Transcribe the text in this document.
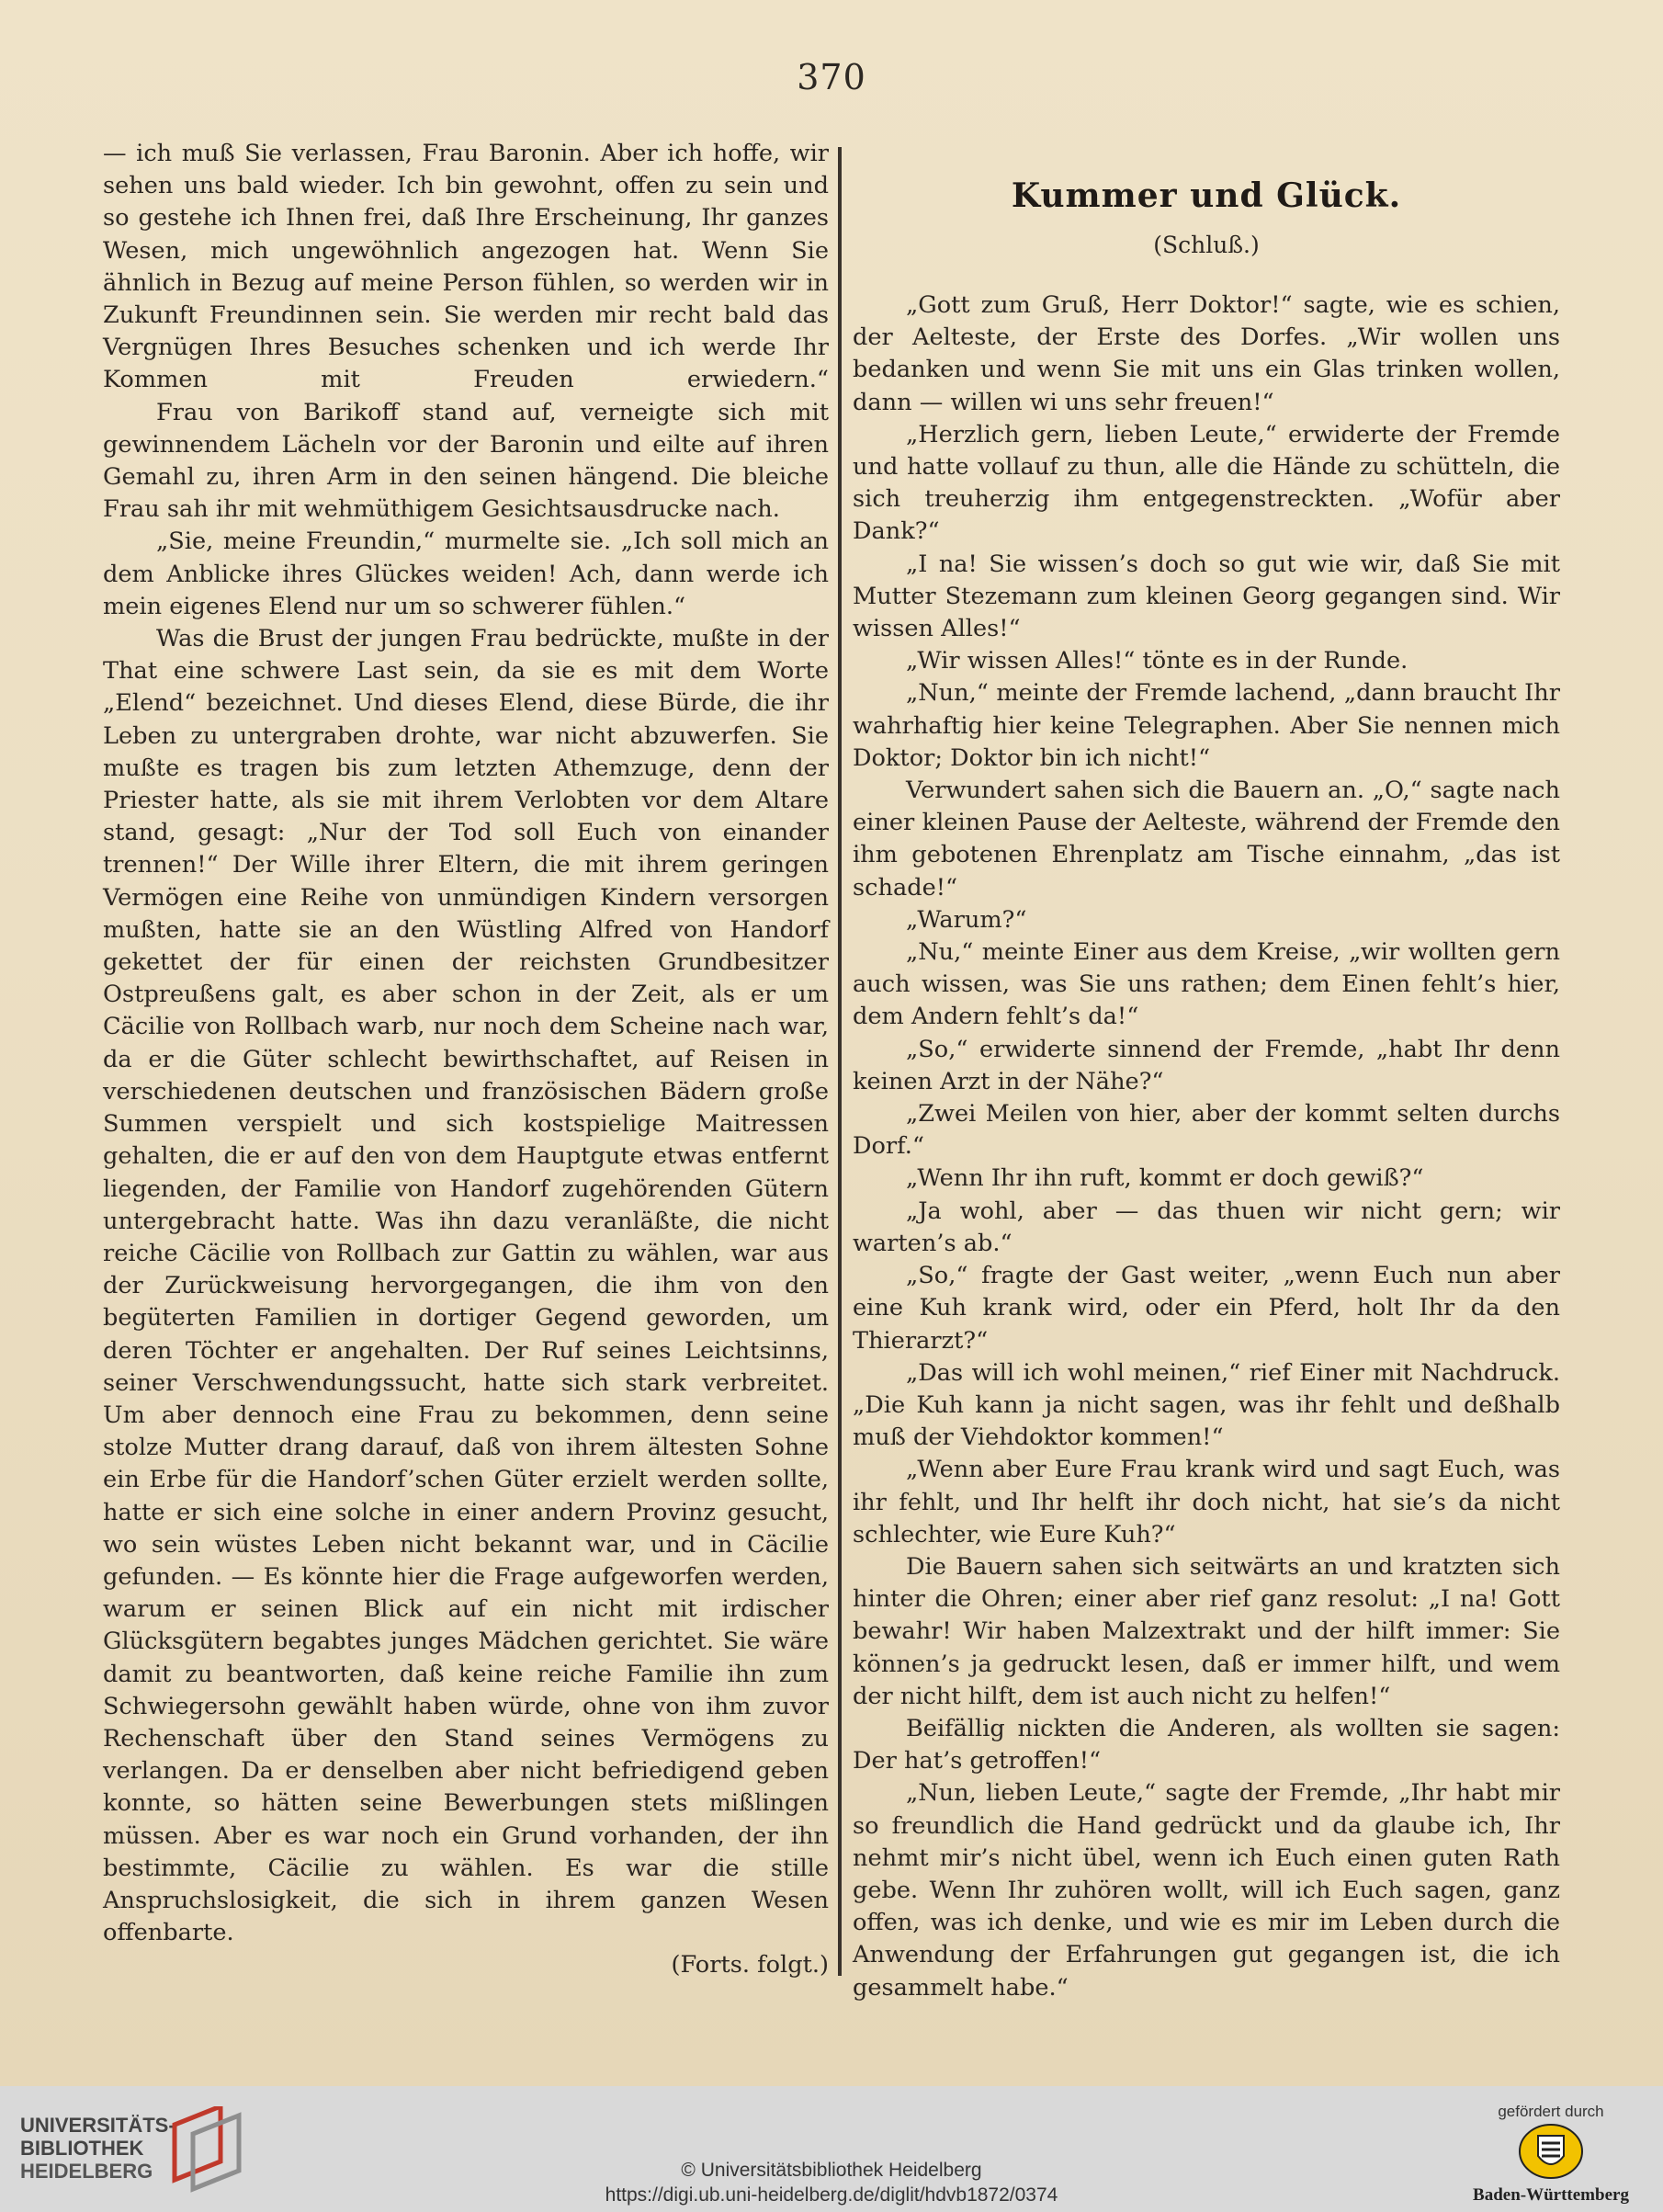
370

— ich muß Sie verlassen, Frau Baronin. Aber ich hoffe, wir sehen uns bald wieder. Ich bin gewohnt, offen zu sein und so gestehe ich Ihnen frei, daß Ihre Erscheinung, Ihr ganzes Wesen, mich ungewöhnlich angezogen hat. Wenn Sie ähnlich in Bezug auf meine Person fühlen, so werden wir in Zukunft Freundinnen sein. Sie werden mir recht bald das Vergnügen Ihres Besuches schenken und ich werde Ihr Kommen mit Freuden erwiedern.“

Frau von Barikoff stand auf, verneigte sich mit gewinnendem Lächeln vor der Baronin und eilte auf ihren Gemahl zu, ihren Arm in den seinen hängend. Die bleiche Frau sah ihr mit wehmüthigem Gesichtsausdrucke nach.

„Sie, meine Freundin,“ murmelte sie. „Ich soll mich an dem Anblicke ihres Glückes weiden! Ach, dann werde ich mein eigenes Elend nur um so schwerer fühlen.“

Was die Brust der jungen Frau bedrückte, mußte in der That eine schwere Last sein, da sie es mit dem Worte „Elend“ bezeichnet. Und dieses Elend, diese Bürde, die ihr Leben zu untergraben drohte, war nicht abzuwerfen. Sie mußte es tragen bis zum letzten Athemzuge, denn der Priester hatte, als sie mit ihrem Verlobten vor dem Altare stand, gesagt: „Nur der Tod soll Euch von einander trennen!“ Der Wille ihrer Eltern, die mit ihrem geringen Vermögen eine Reihe von unmündigen Kindern versorgen mußten, hatte sie an den Wüstling Alfred von Handorf gekettet der für einen der reichsten Grundbesitzer Ostpreußens galt, es aber schon in der Zeit, als er um Cäcilie von Rollbach warb, nur noch dem Scheine nach war, da er die Güter schlecht bewirthschaftet, auf Reisen in verschiedenen deutschen und französischen Bädern große Summen verspielt und sich kostspielige Maitressen gehalten, die er auf den von dem Hauptgute etwas entfernt liegenden, der Familie von Handorf zugehörenden Gütern untergebracht hatte. Was ihn dazu veranläßte, die nicht reiche Cäcilie von Rollbach zur Gattin zu wählen, war aus der Zurückweisung hervorgegangen, die ihm von den begüterten Familien in dortiger Gegend geworden, um deren Töchter er angehalten. Der Ruf seines Leichtsinns, seiner Verschwendungssucht, hatte sich stark verbreitet. Um aber dennoch eine Frau zu bekommen, denn seine stolze Mutter drang darauf, daß von ihrem ältesten Sohne ein Erbe für die Handorf’schen Güter erzielt werden sollte, hatte er sich eine solche in einer andern Provinz gesucht, wo sein wüstes Leben nicht bekannt war, und in Cäcilie gefunden. — Es könnte hier die Frage aufgeworfen werden, warum er seinen Blick auf ein nicht mit irdischer Glücksgütern begabtes junges Mädchen gerichtet. Sie wäre damit zu beantworten, daß keine reiche Familie ihn zum Schwiegersohn gewählt haben würde, ohne von ihm zuvor Rechenschaft über den Stand seines Vermögens zu verlangen. Da er denselben aber nicht befriedigend geben konnte, so hätten seine Bewerbungen stets mißlingen müssen. Aber es war noch ein Grund vorhanden, der ihn bestimmte, Cäcilie zu wählen. Es war die stille Anspruchslosigkeit, die sich in ihrem ganzen Wesen offenbarte.

(Forts. folgt.)

Kummer und Glück.
(Schluß.)

„Gott zum Gruß, Herr Doktor!“ sagte, wie es schien, der Aelteste, der Erste des Dorfes. „Wir wollen uns bedanken und wenn Sie mit uns ein Glas trinken wollen, dann — willen wi uns sehr freuen!“

„Herzlich gern, lieben Leute,“ erwiderte der Fremde und hatte vollauf zu thun, alle die Hände zu schütteln, die sich treuherzig ihm entgegenstreckten. „Wofür aber Dank?“

„I na! Sie wissen’s doch so gut wie wir, daß Sie mit Mutter Stezemann zum kleinen Georg gegangen sind. Wir wissen Alles!“

„Wir wissen Alles!“ tönte es in der Runde.

„Nun,“ meinte der Fremde lachend, „dann braucht Ihr wahrhaftig hier keine Telegraphen. Aber Sie nennen mich Doktor; Doktor bin ich nicht!“

Verwundert sahen sich die Bauern an. „O,“ sagte nach einer kleinen Pause der Aelteste, während der Fremde den ihm gebotenen Ehrenplatz am Tische einnahm, „das ist schade!“

„Warum?“

„Nu,“ meinte Einer aus dem Kreise, „wir wollten gern auch wissen, was Sie uns rathen; dem Einen fehlt’s hier, dem Andern fehlt’s da!“

„So,“ erwiderte sinnend der Fremde, „habt Ihr denn keinen Arzt in der Nähe?“

„Zwei Meilen von hier, aber der kommt selten durchs Dorf.“

„Wenn Ihr ihn ruft, kommt er doch gewiß?“

„Ja wohl, aber — das thuen wir nicht gern; wir warten’s ab.“

„So,“ fragte der Gast weiter, „wenn Euch nun aber eine Kuh krank wird, oder ein Pferd, holt Ihr da den Thierarzt?“

„Das will ich wohl meinen,“ rief Einer mit Nachdruck. „Die Kuh kann ja nicht sagen, was ihr fehlt und deßhalb muß der Viehdoktor kommen!“

„Wenn aber Eure Frau krank wird und sagt Euch, was ihr fehlt, und Ihr helft ihr doch nicht, hat sie’s da nicht schlechter, wie Eure Kuh?“

Die Bauern sahen sich seitwärts an und kratzten sich hinter die Ohren; einer aber rief ganz resolut: „I na! Gott bewahr! Wir haben Malzextrakt und der hilft immer: Sie können’s ja gedruckt lesen, daß er immer hilft, und wem der nicht hilft, dem ist auch nicht zu helfen!“

Beifällig nickten die Anderen, als wollten sie sagen: Der hat’s getroffen!“

„Nun, lieben Leute,“ sagte der Fremde, „Ihr habt mir so freundlich die Hand gedrückt und da glaube ich, Ihr nehmt mir’s nicht übel, wenn ich Euch einen guten Rath gebe. Wenn Ihr zuhören wollt, will ich Euch sagen, ganz offen, was ich denke, und wie es mir im Leben durch die Anwendung der Erfahrungen gut gegangen ist, die ich gesammelt habe.“

UNIVERSITÄTS-
BIBLIOTHEK
HEIDELBERG	© Universitätsbibliothek Heidelberg
https://digi.ub.uni-heidelberg.de/diglit/hdvb1872/0374
gefördert durch
Baden-Württemberg
